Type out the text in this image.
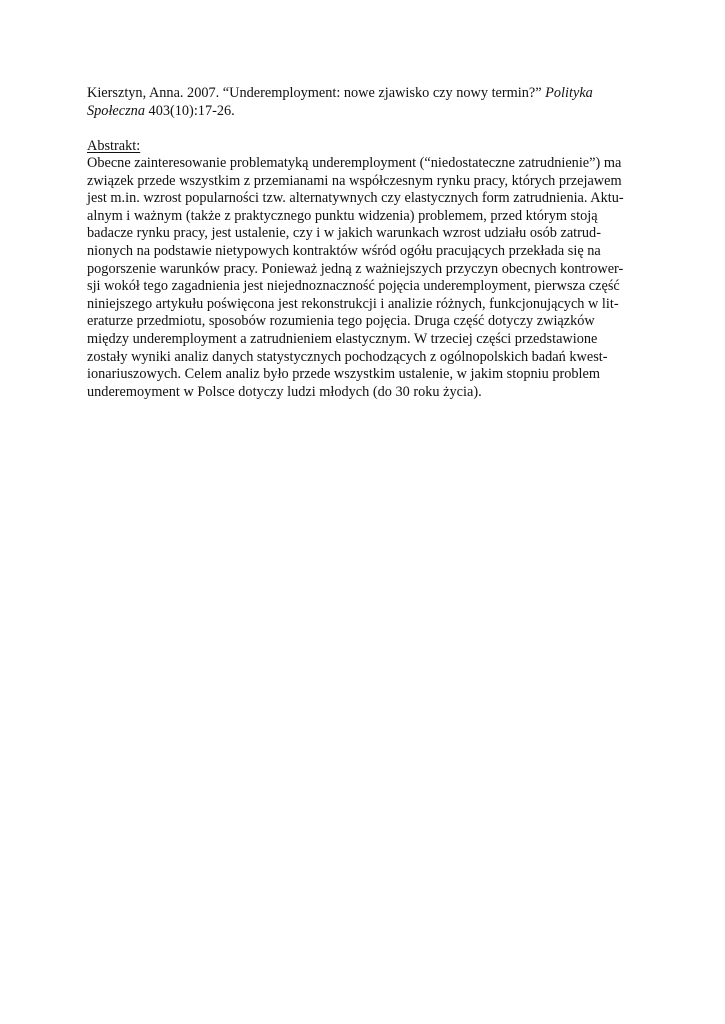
Kiersztyn, Anna. 2007. “Underemployment: nowe zjawisko czy nowy termin?” Polityka
Społeczna 403(10):17-26.
Abstrakt:
Obecne zainteresowanie problematyką underemployment (“niedostateczne zatrudnienie”) ma
związek przede wszystkim z przemianami na współczesnym rynku pracy, których przejawem
jest m.in. wzrost popularności tzw. alternatywnych czy elastycznych form zatrudnienia. Aktu-
alnym i ważnym (także z praktycznego punktu widzenia) problemem, przed którym stoją
badacze rynku pracy, jest ustalenie, czy i w jakich warunkach wzrost udziału osób zatrud-
nionych na podstawie nietypowych kontraktów wśród ogółu pracujących przekłada się na
pogorszenie warunków pracy. Ponieważ jedną z ważniejszych przyczyn obecnych kontrower-
sji wokół tego zagadnienia jest niejednoznaczność pojęcia underemployment, pierwsza część
niniejszego artykułu poświęcona jest rekonstrukcji i analizie różnych, funkcjonujących w lit-
eraturze przedmiotu, sposobów rozumienia tego pojęcia. Druga część dotyczy związków
między underemployment a zatrudnieniem elastycznym. W trzeciej części przedstawione
zostały wyniki analiz danych statystycznych pochodzących z ogólnopolskich badań kwest-
ionariuszowych. Celem analiz było przede wszystkim ustalenie, w jakim stopniu problem
underemoyment w Polsce dotyczy ludzi młodych (do 30 roku życia).
